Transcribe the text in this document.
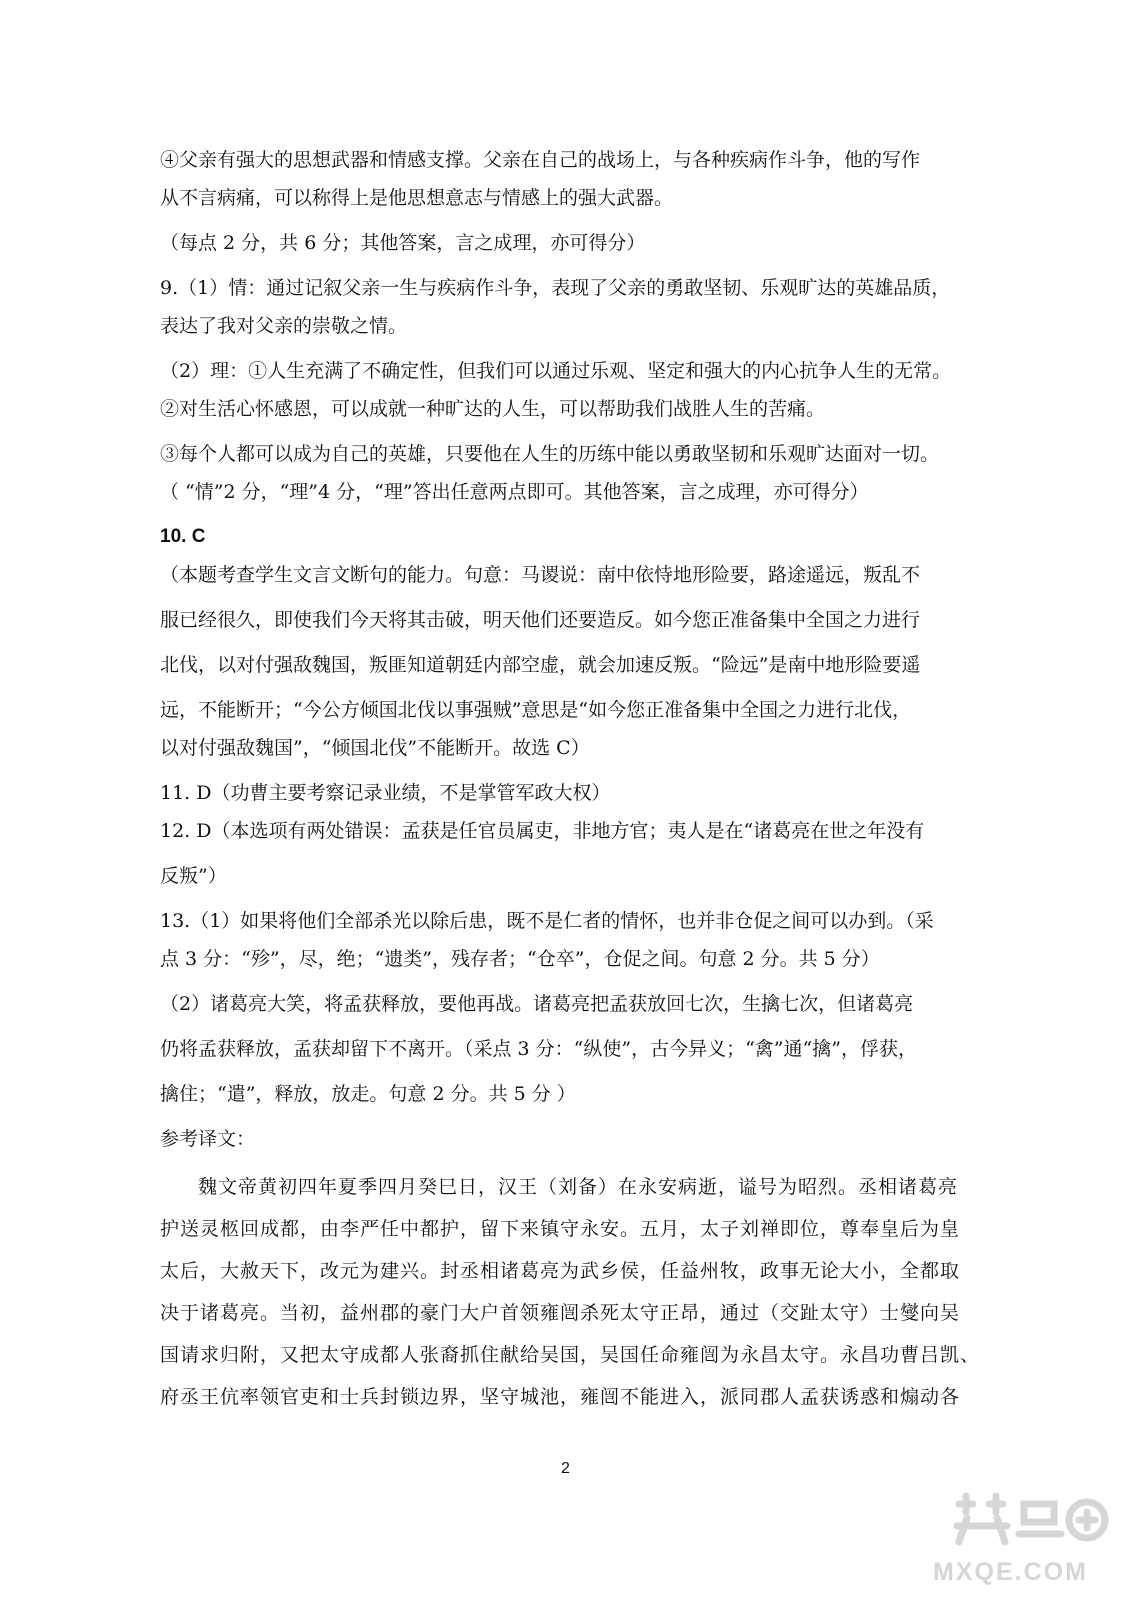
④父亲有强大的思想武器和情感支撑。父亲在自己的战场上，与各种疾病作斗争，他的写作
从不言病痛，可以称得上是他思想意志与情感上的强大武器。
（每点 2 分，共 6 分；其他答案，言之成理，亦可得分）
9.（1）情：通过记叙父亲一生与疾病作斗争，表现了父亲的勇敢坚韧、乐观旷达的英雄品质，
表达了我对父亲的崇敬之情。
（2）理：①人生充满了不确定性，但我们可以通过乐观、坚定和强大的内心抗争人生的无常。
②对生活心怀感恩，可以成就一种旷达的人生，可以帮助我们战胜人生的苦痛。
③每个人都可以成为自己的英雄，只要他在人生的历练中能以勇敢坚韧和乐观旷达面对一切。
（ “情”2 分，“理”4 分，“理”答出任意两点即可。其他答案，言之成理，亦可得分）
10. C
（本题考查学生文言文断句的能力。句意：马谡说：南中依恃地形险要，路途遥远，叛乱不
服已经很久，即使我们今天将其击破，明天他们还要造反。如今您正准备集中全国之力进行
北伐，以对付强敌魏国，叛匪知道朝廷内部空虚，就会加速反叛。“险远”是南中地形险要遥
远，不能断开；“今公方倾国北伐以事强贼”意思是“如今您正准备集中全国之力进行北伐，
以对付强敌魏国”，“倾国北伐”不能断开。故选 C）
11. D（功曹主要考察记录业绩，不是掌管军政大权）
12. D（本选项有两处错误：孟获是任官员属吏，非地方官；夷人是在“诸葛亮在世之年没有
反叛”）
13.（1）如果将他们全部杀光以除后患，既不是仁者的情怀，也并非仓促之间可以办到。（采
点 3 分：“殄”，尽，绝；“遗类”，残存者；“仓卒”，仓促之间。句意 2 分。共 5 分）
（2）诸葛亮大笑，将孟获释放，要他再战。诸葛亮把孟获放回七次，生擒七次，但诸葛亮
仍将孟获释放，孟获却留下不离开。（采点 3 分：“纵使”，古今异义；“禽”通“擒”，俘获，
擒住；“遣”，释放，放走。句意 2 分。共 5 分 ）
参考译文：
魏文帝黄初四年夏季四月癸巳日，汉王（刘备）在永安病逝，谥号为昭烈。丞相诸葛亮
护送灵柩回成都，由李严任中都护，留下来镇守永安。五月，太子刘禅即位，尊奉皇后为皇
太后，大赦天下，改元为建兴。封丞相诸葛亮为武乡侯，任益州牧，政事无论大小，全都取
决于诸葛亮。当初，益州郡的豪门大户首领雍闿杀死太守正昂，通过（交趾太守）士燮向吴
国请求归附，又把太守成都人张裔抓住献给吴国，吴国任命雍闿为永昌太守。永昌功曹吕凯、
府丞王伉率领官吏和士兵封锁边界，坚守城池，雍闿不能进入，派同郡人孟获诱惑和煽动各
2
MXQE.COM
